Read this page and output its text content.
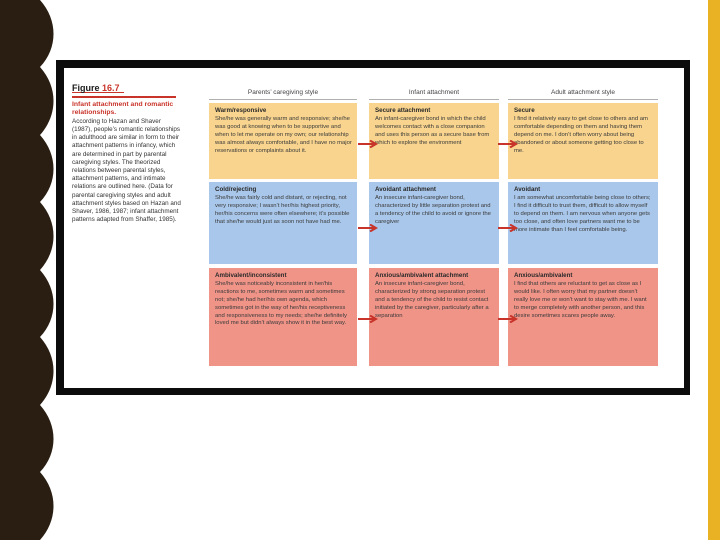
Figure 16.7
Infant attachment and romantic relationships.
According to Hazan and Shaver (1987), people’s romantic relationships in adulthood are similar in form to their attachment patterns in infancy, which are determined in part by parental caregiving styles. The theorized relations between parental styles, attachment patterns, and intimate relations are outlined here. (Data for parental caregiving styles and adult attachment styles based on Hazan and Shaver, 1986, 1987; infant attachment patterns adapted from Shaffer, 1985).
Parents’ caregiving style	Infant attachment	Adult attachment style
Warm/responsive
She/he was generally warm and responsive; she/he was good at knowing when to be supportive and when to let me operate on my own; our relationship was almost always comfortable, and I have no major reservations or complaints about it.
Secure attachment
An infant-caregiver bond in which the child welcomes contact with a close companion and uses this person as a secure base from which to explore the environment
Secure
I find it relatively easy to get close to others and am comfortable depending on them and having them depend on me. I don’t often worry about being abandoned or about someone getting too close to me.
Cold/rejecting
She/he was fairly cold and distant, or rejecting, not very responsive; I wasn’t her/his highest priority, her/his concerns were often elsewhere; it’s possible that she/he would just as soon not have had me.
Avoidant attachment
An insecure infant-caregiver bond, characterized by little separation protest and a tendency of the child to avoid or ignore the caregiver
Avoidant
I am somewhat uncomfortable being close to others; I find it difficult to trust them, difficult to allow myself to depend on them. I am nervous when anyone gets too close, and often love partners want me to be more intimate than I feel comfortable being.
Ambivalent/inconsistent
She/he was noticeably inconsistent in her/his reactions to me, sometimes warm and sometimes not; she/he had her/his own agenda, which sometimes got in the way of her/his receptiveness and responsiveness to my needs; she/he definitely loved me but didn’t always show it in the best way.
Anxious/ambivalent attachment
An insecure infant-caregiver bond, characterized by strong separation protest and a tendency of the child to resist contact initiated by the caregiver, particularly after a separation
Anxious/ambivalent
I find that others are reluctant to get as close as I would like. I often worry that my partner doesn’t really love me or won’t want to stay with me. I want to merge completely with another person, and this desire sometimes scares people away.
